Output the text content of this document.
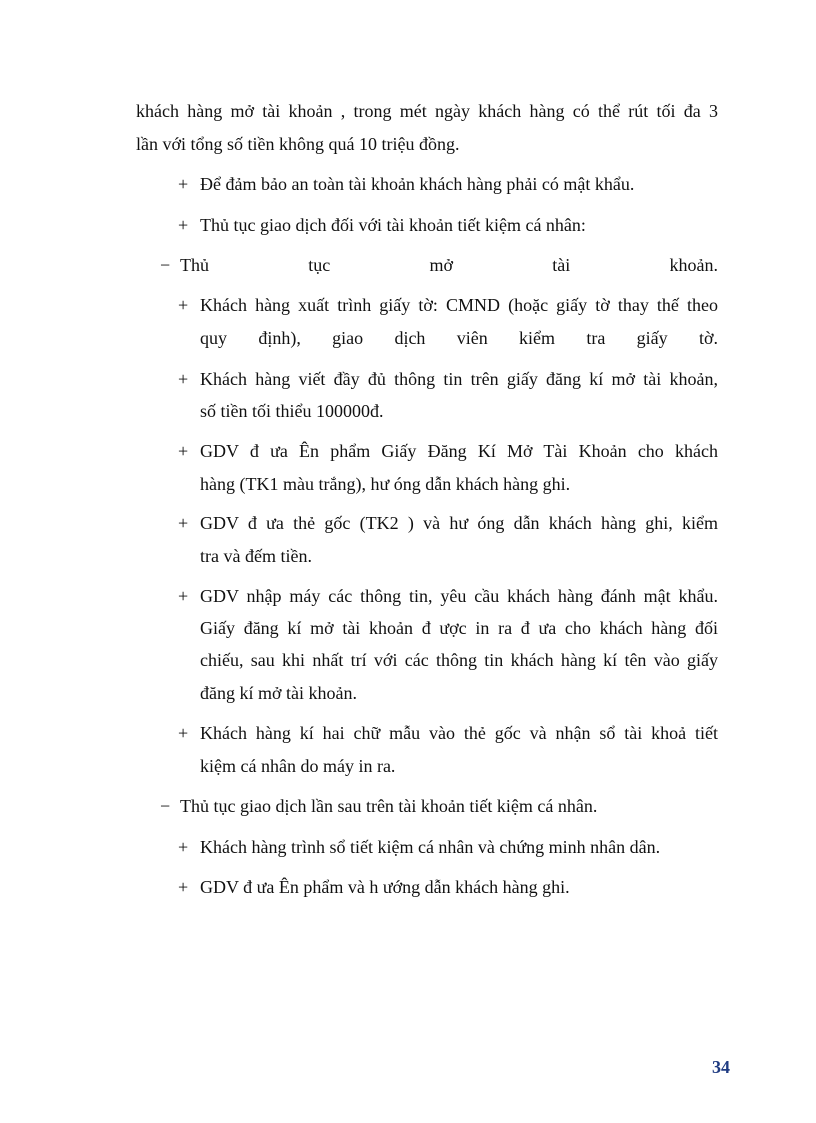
khách hàng mở tài khoản , trong mét ngày khách hàng có thể rút tối đa 3
lần với tổng số tiền không quá 10 triệu đồng.
+ Để đảm bảo an toàn tài khoản khách hàng phải có mật khẩu.
+ Thủ tục giao dịch đối với tài khoản tiết kiệm cá nhân:
− Thủ	tục	mở	tài	khoản.
+ Khách hàng xuất trình giấy tờ: CMND (hoặc giấy tờ thay thế theo
quy định), giao dịch viên kiểm tra giấy tờ.
+ Khách hàng viết đầy đủ thông tin trên giấy đăng kí mở tài khoản,
số tiền tối thiểu 100000đ.
+ GDV đ ưa Ên phẩm Giấy Đăng Kí Mở Tài Khoản cho khách
hàng (TK1 màu trắng), hư óng dẫn khách hàng ghi.
+ GDV đ ưa thẻ gốc (TK2 ) và hư óng dẫn khách hàng ghi, kiểm
tra và đếm tiền.
+ GDV nhập máy các thông tin, yêu cầu khách hàng đánh mật khẩu.
Giấy đăng kí mở tài khoản đ ược in ra đ ưa cho khách hàng đối
chiếu, sau khi nhất trí với các thông tin khách hàng kí tên vào giấy
đăng kí mở tài khoản.
+ Khách hàng kí hai chữ mẫu vào thẻ gốc và nhận sổ tài khoả tiết
kiệm cá nhân do máy in ra.
− Thủ tục giao dịch lần sau trên tài khoản tiết kiệm cá nhân.
+ Khách hàng trình sổ tiết kiệm cá nhân và chứng minh nhân dân.
+ GDV đ ưa Ên phẩm và h ướng dẫn khách hàng ghi.
34
